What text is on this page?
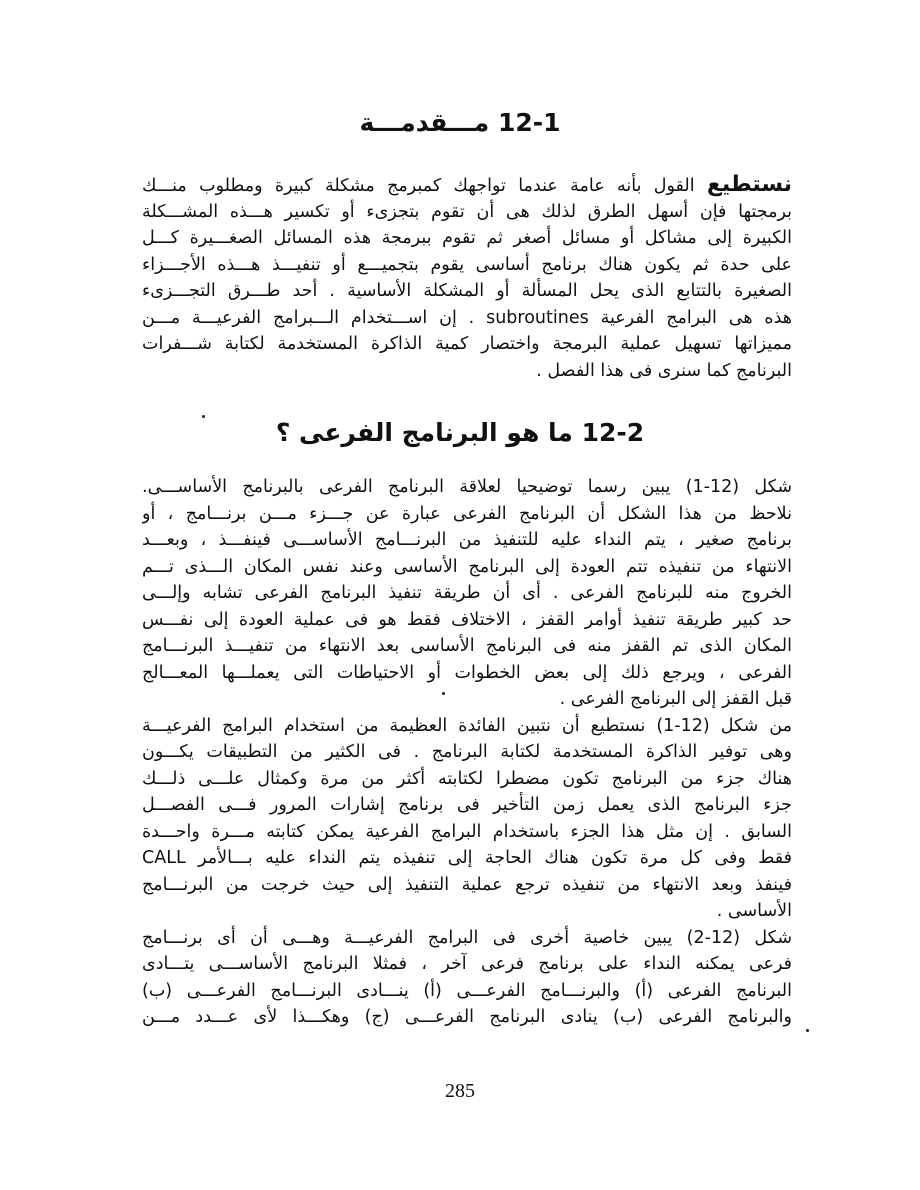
12-1 مـــقدمـــة
نستطيع القول بأنه عامة عندما تواجهك كمبرمج مشكلة كبيرة ومطلوب منـــك
برمجتها فإن أسهل الطرق لذلك هى أن تقوم بتجزىء أو تكسير هـــذه المشـــكلة
الكبيرة إلى مشاكل أو مسائل أصغر ثم تقوم ببرمجة هذه المسائل الصغـــيرة كـــل
على حدة ثم يكون هناك برنامج أساسى يقوم بتجميـــع أو تنفيـــذ هـــذه الأجـــزاء
الصغيرة بالتتابع الذى يحل المسألة أو المشكلة الأساسية . أحد طـــرق التجـــزىء
هذه هى البرامج الفرعية subroutines . إن اســـتخدام الـــبرامج الفرعيـــة مـــن
مميزاتها تسهيل عملية البرمجة واختصار كمية الذاكرة المستخدمة لكتابة شـــفرات
البرنامج كما سنرى فى هذا الفصل .
12-2 ما هو البرنامج الفرعى ؟
شكل (12-1) يبين رسما توضيحيا لعلاقة البرنامج الفرعى بالبرنامج الأساســـى.
نلاحظ من هذا الشكل أن البرنامج الفرعى عبارة عن جـــزء مـــن برنـــامج ، أو
برنامج صغير ، يتم النداء عليه للتنفيذ من البرنـــامج الأساســـى فينفـــذ ، وبعـــد
الانتهاء من تنفيذه تتم العودة إلى البرنامج الأساسى وعند نفس المكان الـــذى تـــم
الخروج منه للبرنامج الفرعى . أى أن طريقة تنفيذ البرنامج الفرعى تشابه وإلـــى
حد كبير طريقة تنفيذ أوامر القفز ، الاختلاف فقط هو فى عملية العودة إلى نفـــس
المكان الذى تم القفز منه فى البرنامج الأساسى بعد الانتهاء من تنفيـــذ البرنـــامج
الفرعى ، ويرجع ذلك إلى بعض الخطوات أو الاحتياطات التى يعملـــها المعـــالج
قبل القفز إلى البرنامج الفرعى .
من شكل (12-1) نستطيع أن نتبين الفائدة العظيمة من استخدام البرامج الفرعيـــة
وهى توفير الذاكرة المستخدمة لكتابة البرنامج . فى الكثير من التطبيقات يكـــون
هناك جزء من البرنامج تكون مضطرا لكتابته أكثر من مرة وكمثال علـــى ذلـــك
جزء البرنامج الذى يعمل زمن التأخير فى برنامج إشارات المرور فـــى الفصـــل
السابق . إن مثل هذا الجزء باستخدام البرامج الفرعية يمكن كتابته مـــرة واحـــدة
فقط وفى كل مرة تكون هناك الحاجة إلى تنفيذه يتم النداء عليه بـــالأمر CALL
فينفذ وبعد الانتهاء من تنفيذه ترجع عملية التنفيذ إلى حيث خرجت من البرنـــامج
الأساسى .
شكل (12-2) يبين خاصية أخرى فى البرامج الفرعيـــة وهـــى أن أى برنـــامج
فرعى يمكنه النداء على برنامج فرعى آخر ، فمثلا البرنامج الأساســـى يتـــادى
البرنامج الفرعى (أ) والبرنـــامج الفرعـــى (أ) ينـــادى البرنـــامج الفرعـــى (ب)
والبرنامج الفرعى (ب) ينادى البرنامج الفرعـــى (ج) وهكـــذا لأى عـــدد مـــن
285
